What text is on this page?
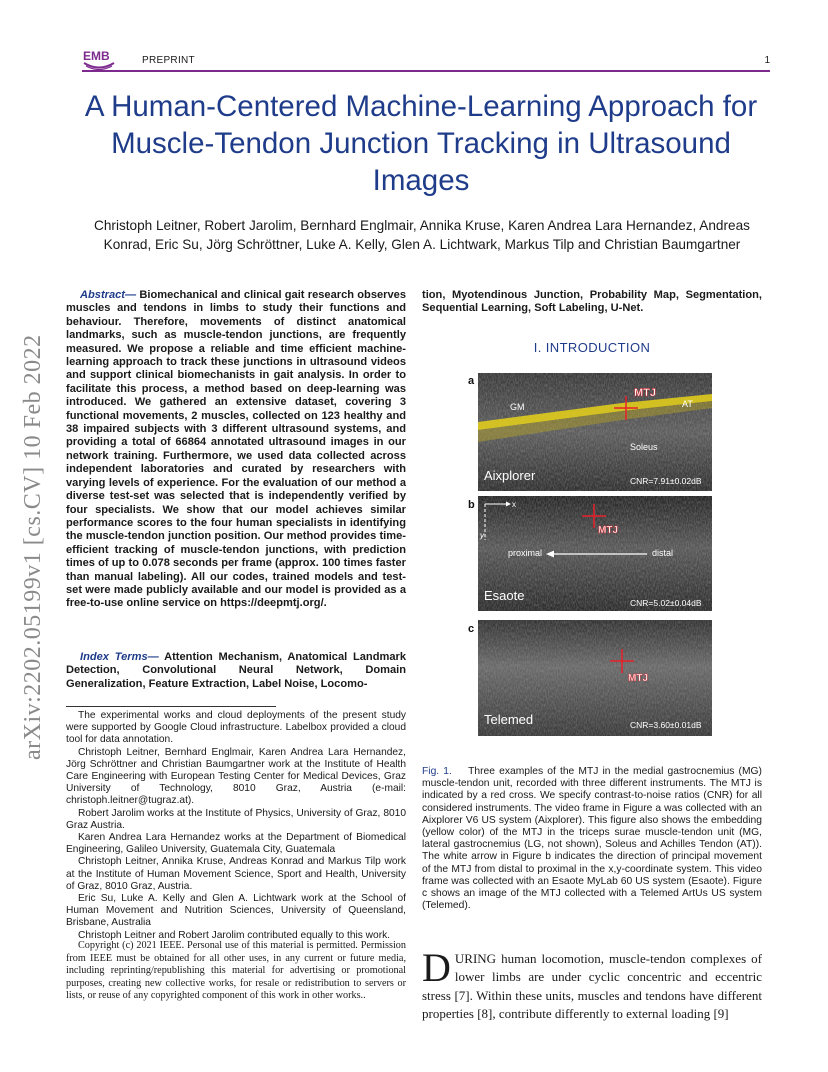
EMB	PREPRINT	1
arXiv:2202.05199v1 [cs.CV] 10 Feb 2022
A Human-Centered Machine-Learning Approach for Muscle-Tendon Junction Tracking in Ultrasound Images
Christoph Leitner, Robert Jarolim, Bernhard Englmair, Annika Kruse, Karen Andrea Lara Hernandez, Andreas Konrad, Eric Su, Jörg Schröttner, Luke A. Kelly, Glen A. Lichtwark, Markus Tilp and Christian Baumgartner
Abstract— Biomechanical and clinical gait research observes muscles and tendons in limbs to study their functions and behaviour. Therefore, movements of distinct anatomical landmarks, such as muscle-tendon junctions, are frequently measured. We propose a reliable and time efficient machine-learning approach to track these junctions in ultrasound videos and support clinical biomechanists in gait analysis. In order to facilitate this process, a method based on deep-learning was introduced. We gathered an extensive dataset, covering 3 functional movements, 2 muscles, collected on 123 healthy and 38 impaired subjects with 3 different ultrasound systems, and providing a total of 66864 annotated ultrasound images in our network training. Furthermore, we used data collected across independent laboratories and curated by researchers with varying levels of experience. For the evaluation of our method a diverse test-set was selected that is independently verified by four specialists. We show that our model achieves similar performance scores to the four human specialists in identifying the muscle-tendon junction position. Our method provides time-efficient tracking of muscle-tendon junctions, with prediction times of up to 0.078 seconds per frame (approx. 100 times faster than manual labeling). All our codes, trained models and test-set were made publicly available and our model is provided as a free-to-use online service on https://deepmtj.org/.
Index Terms— Attention Mechanism, Anatomical Landmark Detection, Convolutional Neural Network, Domain Generalization, Feature Extraction, Label Noise, Locomo-

The experimental works and cloud deployments of the present study were supported by Google Cloud infrastructure. Labelbox provided a cloud tool for data annotation.

Christoph Leitner, Bernhard Englmair, Karen Andrea Lara Hernandez, Jörg Schröttner and Christian Baumgartner work at the Institute of Health Care Engineering with European Testing Center for Medical Devices, Graz University of Technology, 8010 Graz, Austria (e-mail: christoph.leitner@tugraz.at).

Robert Jarolim works at the Institute of Physics, University of Graz, 8010 Graz Austria.

Karen Andrea Lara Hernandez works at the Department of Biomedical Engineering, Galileo University, Guatemala City, Guatemala

Christoph Leitner, Annika Kruse, Andreas Konrad and Markus Tilp work at the Institute of Human Movement Science, Sport and Health, University of Graz, 8010 Graz, Austria.

Eric Su, Luke A. Kelly and Glen A. Lichtwark work at the School of Human Movement and Nutrition Sciences, University of Queensland, Brisbane, Australia

Christoph Leitner and Robert Jarolim contributed equally to this work.

Copyright (c) 2021 IEEE. Personal use of this material is permitted. Permission from IEEE must be obtained for all other uses, in any current or future media, including reprinting/republishing this material for advertising or promotional purposes, creating new collective works, for resale or redistribution to servers or lists, or reuse of any copyrighted component of this work in other works..
tion, Myotendinous Junction, Probability Map, Segmentation, Sequential Learning, Soft Labeling, U-Net.
I. INTRODUCTION
a
MTJ
GM	AT
Soleus
Aixplorer	CNR=7.91±0.02dB
b	x
y	MTJ
proximal	distal
Esaote	CNR=5.02±0.04dB
c
MTJ
Telemed	CNR=3.60±0.01dB
Fig. 1. Three examples of the MTJ in the medial gastrocnemius (MG) muscle-tendon unit, recorded with three different instruments. The MTJ is indicated by a red cross. We specify contrast-to-noise ratios (CNR) for all considered instruments. The video frame in Figure a was collected with an Aixplorer V6 US system (Aixplorer). This figure also shows the embedding (yellow color) of the MTJ in the triceps surae muscle-tendon unit (MG, lateral gastrocnemius (LG, not shown), Soleus and Achilles Tendon (AT)). The white arrow in Figure b indicates the direction of principal movement of the MTJ from distal to proximal in the x,y-coordinate system. This video frame was collected with an Esaote MyLab 60 US system (Esaote). Figure c shows an image of the MTJ collected with a Telemed ArtUs US system (Telemed).
DURING human locomotion, muscle-tendon complexes of lower limbs are under cyclic concentric and eccentric stress [7]. Within these units, muscles and tendons have different properties [8], contribute differently to external loading [9]
